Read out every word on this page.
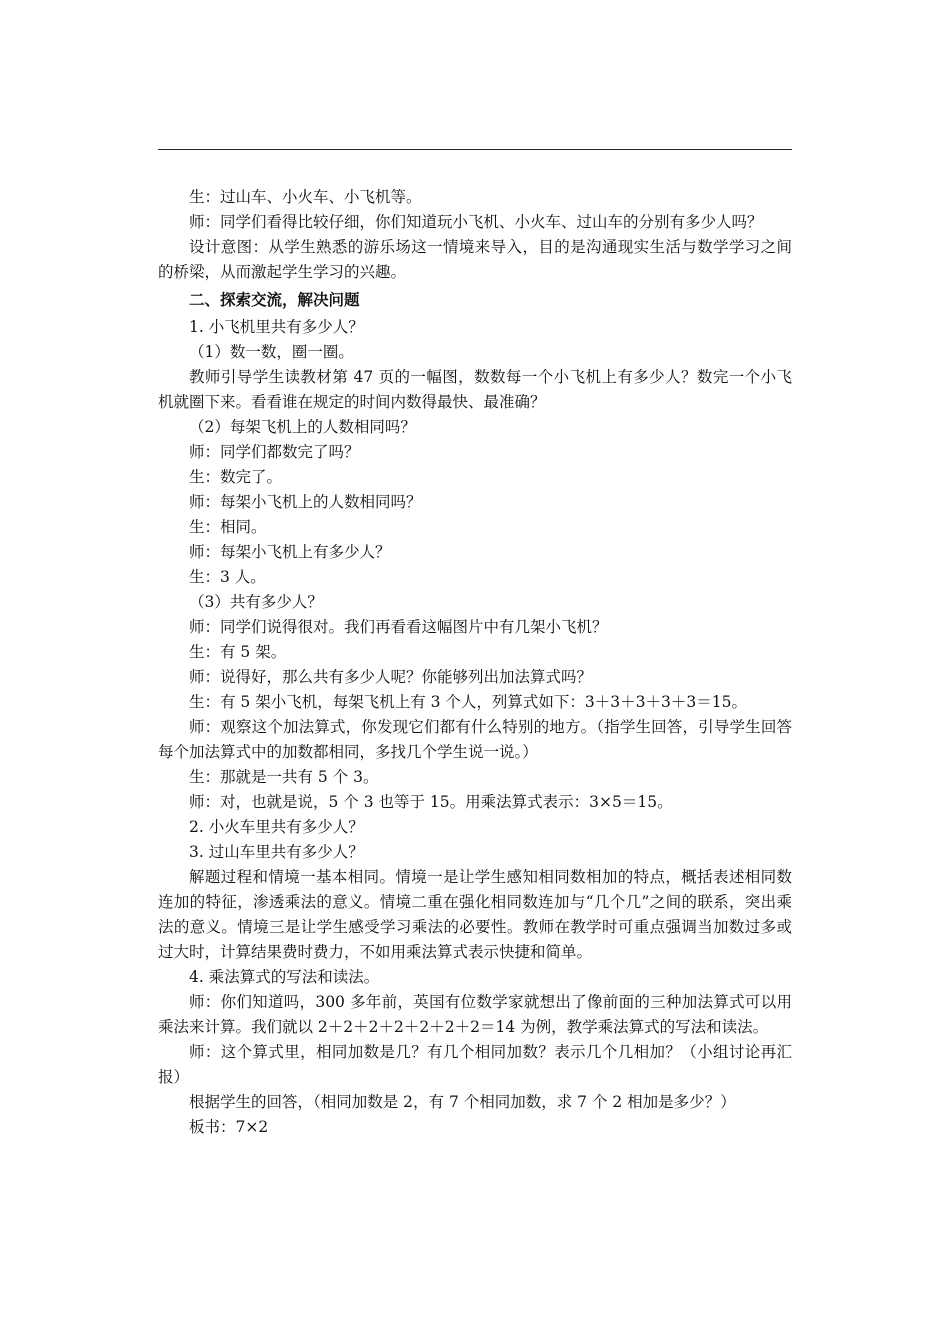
生：过山车、小火车、小飞机等。

师：同学们看得比较仔细，你们知道玩小飞机、小火车、过山车的分别有多少人吗？

设计意图：从学生熟悉的游乐场这一情境来导入，目的是沟通现实生活与数学学习之间的桥梁，从而激起学生学习的兴趣。

二、探索交流，解决问题

1. 小飞机里共有多少人？

（1）数一数，圈一圈。

教师引导学生读教材第 47 页的一幅图，数数每一个小飞机上有多少人？数完一个小飞机就圈下来。看看谁在规定的时间内数得最快、最准确？

（2）每架飞机上的人数相同吗？

师：同学们都数完了吗？

生：数完了。

师：每架小飞机上的人数相同吗？

生：相同。

师：每架小飞机上有多少人？

生：3 人。

（3）共有多少人？

师：同学们说得很对。我们再看看这幅图片中有几架小飞机？

生：有 5 架。

师：说得好，那么共有多少人呢？你能够列出加法算式吗？

生：有 5 架小飞机，每架飞机上有 3 个人，列算式如下：3＋3＋3＋3＋3＝15。

师：观察这个加法算式，你发现它们都有什么特别的地方。（指学生回答，引导学生回答每个加法算式中的加数都相同，多找几个学生说一说。）

生：那就是一共有 5 个 3。

师：对，也就是说，5 个 3 也等于 15。用乘法算式表示：3×5＝15。

2. 小火车里共有多少人？

3. 过山车里共有多少人？

解题过程和情境一基本相同。情境一是让学生感知相同数相加的特点，概括表述相同数连加的特征，渗透乘法的意义。情境二重在强化相同数连加与“几个几”之间的联系，突出乘法的意义。情境三是让学生感受学习乘法的必要性。教师在教学时可重点强调当加数过多或过大时，计算结果费时费力，不如用乘法算式表示快捷和简单。

4. 乘法算式的写法和读法。

师：你们知道吗，300 多年前，英国有位数学家就想出了像前面的三种加法算式可以用乘法来计算。我们就以 2＋2＋2＋2＋2＋2＋2＝14 为例，教学乘法算式的写法和读法。

师：这个算式里，相同加数是几？有几个相同加数？表示几个几相加？（小组讨论再汇报）

根据学生的回答，（相同加数是 2，有 7 个相同加数，求 7 个 2 相加是多少？）

板书：7×2
